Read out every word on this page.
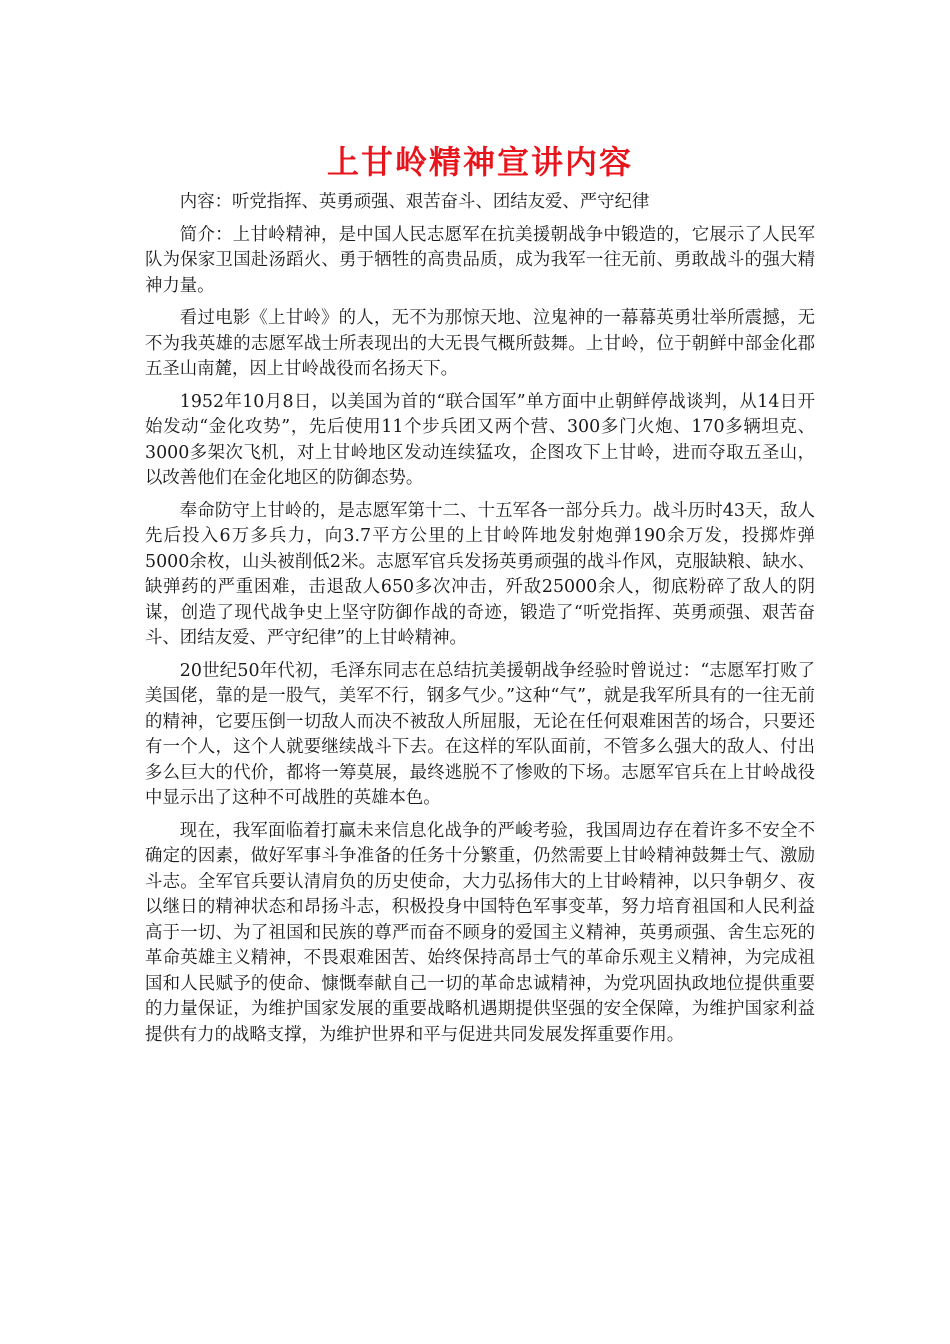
上甘岭精神宣讲内容

内容：听党指挥、英勇顽强、艰苦奋斗、团结友爱、严守纪律

简介：上甘岭精神，是中国人民志愿军在抗美援朝战争中锻造的，它展示了人民军队为保家卫国赴汤蹈火、勇于牺牲的高贵品质，成为我军一往无前、勇敢战斗的强大精神力量。

看过电影《上甘岭》的人，无不为那惊天地、泣鬼神的一幕幕英勇壮举所震撼，无不为我英雄的志愿军战士所表现出的大无畏气概所鼓舞。上甘岭，位于朝鲜中部金化郡五圣山南麓，因上甘岭战役而名扬天下。

1952年10月8日，以美国为首的“联合国军”单方面中止朝鲜停战谈判，从14日开始发动“金化攻势”，先后使用11个步兵团又两个营、300多门火炮、170多辆坦克、3000多架次飞机，对上甘岭地区发动连续猛攻，企图攻下上甘岭，进而夺取五圣山，以改善他们在金化地区的防御态势。

奉命防守上甘岭的，是志愿军第十二、十五军各一部分兵力。战斗历时43天，敌人先后投入6万多兵力，向3.7平方公里的上甘岭阵地发射炮弹190余万发，投掷炸弹5000余枚，山头被削低2米。志愿军官兵发扬英勇顽强的战斗作风，克服缺粮、缺水、缺弹药的严重困难，击退敌人650多次冲击，歼敌25000余人，彻底粉碎了敌人的阴谋，创造了现代战争史上坚守防御作战的奇迹，锻造了“听党指挥、英勇顽强、艰苦奋斗、团结友爱、严守纪律”的上甘岭精神。

20世纪50年代初，毛泽东同志在总结抗美援朝战争经验时曾说过：“志愿军打败了美国佬，靠的是一股气，美军不行，钢多气少。”这种“气”，就是我军所具有的一往无前的精神，它要压倒一切敌人而决不被敌人所屈服，无论在任何艰难困苦的场合，只要还有一个人，这个人就要继续战斗下去。在这样的军队面前，不管多么强大的敌人、付出多么巨大的代价，都将一筹莫展，最终逃脱不了惨败的下场。志愿军官兵在上甘岭战役中显示出了这种不可战胜的英雄本色。

现在，我军面临着打赢未来信息化战争的严峻考验，我国周边存在着许多不安全不确定的因素，做好军事斗争准备的任务十分繁重，仍然需要上甘岭精神鼓舞士气、激励斗志。全军官兵要认清肩负的历史使命，大力弘扬伟大的上甘岭精神，以只争朝夕、夜以继日的精神状态和昂扬斗志，积极投身中国特色军事变革，努力培育祖国和人民利益高于一切、为了祖国和民族的尊严而奋不顾身的爱国主义精神，英勇顽强、舍生忘死的革命英雄主义精神，不畏艰难困苦、始终保持高昂士气的革命乐观主义精神，为完成祖国和人民赋予的使命、慷慨奉献自己一切的革命忠诚精神，为党巩固执政地位提供重要的力量保证，为维护国家发展的重要战略机遇期提供坚强的安全保障，为维护国家利益提供有力的战略支撑，为维护世界和平与促进共同发展发挥重要作用。
